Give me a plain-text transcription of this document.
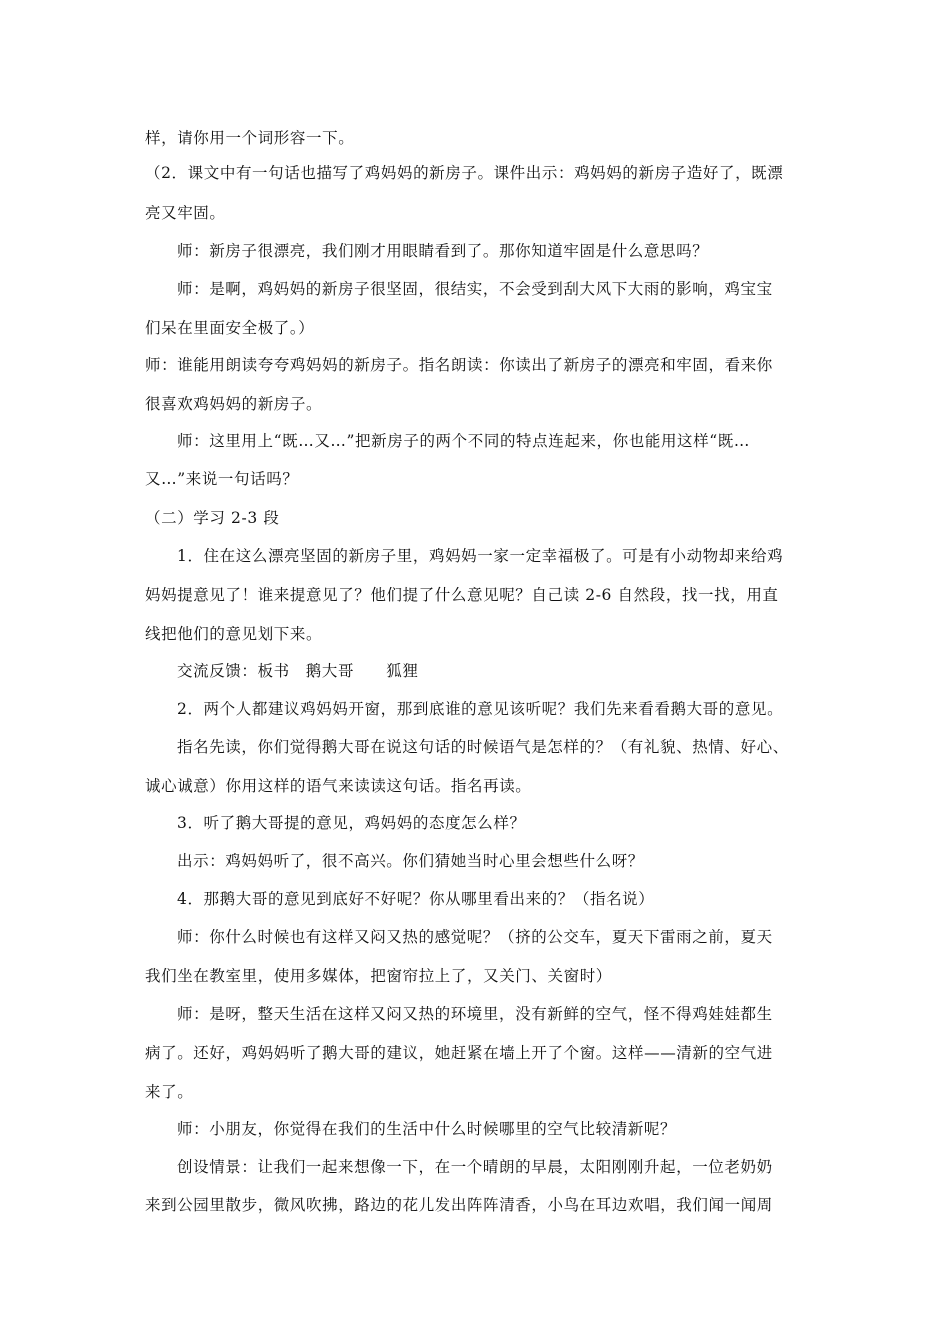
样，请你用一个词形容一下。
（2．课文中有一句话也描写了鸡妈妈的新房子。课件出示：鸡妈妈的新房子造好了，既漂
亮又牢固。
师：新房子很漂亮，我们刚才用眼睛看到了。那你知道牢固是什么意思吗？
师：是啊，鸡妈妈的新房子很坚固，很结实，不会受到刮大风下大雨的影响，鸡宝宝
们呆在里面安全极了。）
师：谁能用朗读夸夸鸡妈妈的新房子。指名朗读：你读出了新房子的漂亮和牢固，看来你
很喜欢鸡妈妈的新房子。
师：这里用上“既…又…”把新房子的两个不同的特点连起来，你也能用这样“既…
又…”来说一句话吗？
（二）学习 2-3 段
1．住在这么漂亮坚固的新房子里，鸡妈妈一家一定幸福极了。可是有小动物却来给鸡
妈妈提意见了！谁来提意见了？他们提了什么意见呢？自己读 2-6 自然段，找一找，用直
线把他们的意见划下来。
交流反馈：板书　鹅大哥　　狐狸
2．两个人都建议鸡妈妈开窗，那到底谁的意见该听呢？我们先来看看鹅大哥的意见。
指名先读，你们觉得鹅大哥在说这句话的时候语气是怎样的？（有礼貌、热情、好心、
诚心诚意）你用这样的语气来读读这句话。指名再读。
3．听了鹅大哥提的意见，鸡妈妈的态度怎么样？
出示：鸡妈妈听了，很不高兴。你们猜她当时心里会想些什么呀？
4．那鹅大哥的意见到底好不好呢？你从哪里看出来的？（指名说）
师：你什么时候也有这样又闷又热的感觉呢？（挤的公交车，夏天下雷雨之前，夏天
我们坐在教室里，使用多媒体，把窗帘拉上了，又关门、关窗时）
师：是呀，整天生活在这样又闷又热的环境里，没有新鲜的空气，怪不得鸡娃娃都生
病了。还好，鸡妈妈听了鹅大哥的建议，她赶紧在墙上开了个窗。这样——清新的空气进
来了。
师：小朋友，你觉得在我们的生活中什么时候哪里的空气比较清新呢？
创设情景：让我们一起来想像一下，在一个晴朗的早晨，太阳刚刚升起，一位老奶奶
来到公园里散步，微风吹拂，路边的花儿发出阵阵清香，小鸟在耳边欢唱，我们闻一闻周
